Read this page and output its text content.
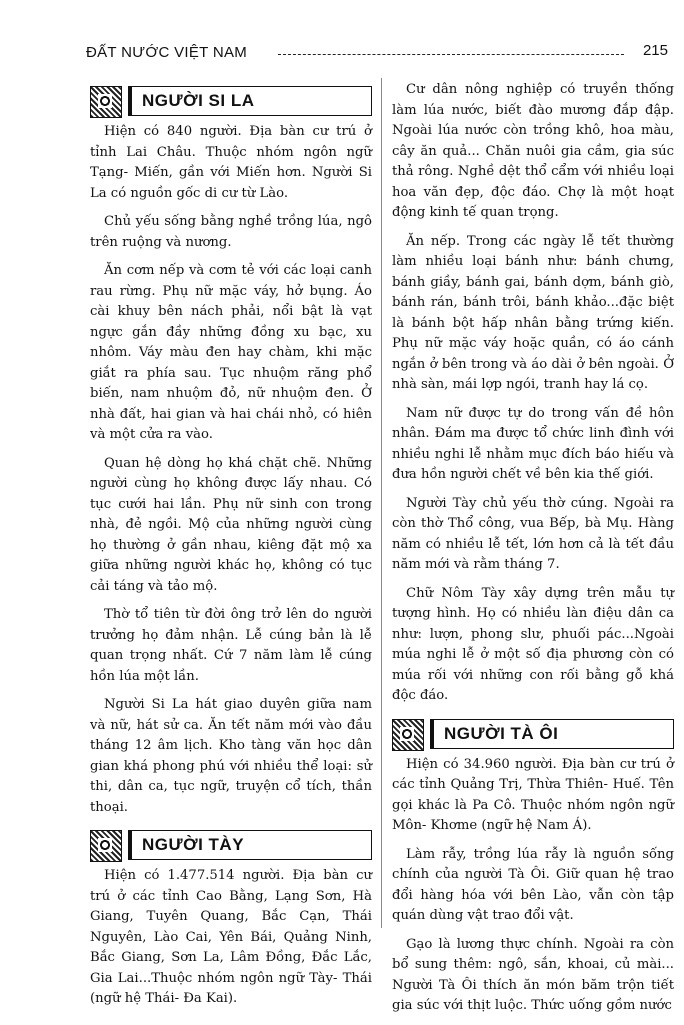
ĐẤT NƯỚC VIỆT NAM	215
NGƯỜI SI LA

Hiện có 840 người. Địa bàn cư trú ở tỉnh Lai Châu. Thuộc nhóm ngôn ngữ Tạng- Miến, gần với Miến hơn. Người Si La có nguồn gốc di cư từ Lào.

Chủ yếu sống bằng nghề trồng lúa, ngô trên ruộng và nương.

Ăn cơm nếp và cơm tẻ với các loại canh rau rừng. Phụ nữ mặc váy, hở bụng. Áo cài khuy bên nách phải, nổi bật là vạt ngực gắn đầy những đồng xu bạc, xu nhôm. Váy màu đen hay chàm, khi mặc giắt ra phía sau. Tục nhuộm răng phổ biến, nam nhuộm đỏ, nữ nhuộm đen. Ở nhà đất, hai gian và hai chái nhỏ, có hiên và một cửa ra vào.

Quan hệ dòng họ khá chặt chẽ. Những người cùng họ không được lấy nhau. Có tục cưới hai lần. Phụ nữ sinh con trong nhà, đẻ ngồi. Mộ của những người cùng họ thường ở gần nhau, kiêng đặt mộ xa giữa những người khác họ, không có tục cải táng và tảo mộ.

Thờ tổ tiên từ đời ông trở lên do người trưởng họ đảm nhận. Lễ cúng bản là lễ quan trọng nhất. Cứ 7 năm làm lễ cúng hồn lúa một lần.

Người Si La hát giao duyên giữa nam và nữ, hát sử ca. Ăn tết năm mới vào đầu tháng 12 âm lịch. Kho tàng văn học dân gian khá phong phú với nhiều thể loại: sử thi, dân ca, tục ngữ, truyện cổ tích, thần thoại.

NGƯỜI TÀY

Hiện có 1.477.514 người. Địa bàn cư trú ở các tỉnh Cao Bằng, Lạng Sơn, Hà Giang, Tuyên Quang, Bắc Cạn, Thái Nguyên, Lào Cai, Yên Bái, Quảng Ninh, Bắc Giang, Sơn La, Lâm Đồng, Đắc Lắc, Gia Lai...Thuộc nhóm ngôn ngữ Tày- Thái (ngữ hệ Thái- Đa Kai).

Cư dân nông nghiệp có truyền thống làm lúa nước, biết đào mương đắp đập. Ngoài lúa nước còn trồng khô, hoa màu, cây ăn quả... Chăn nuôi gia cầm, gia súc thả rông. Nghề dệt thổ cẩm với nhiều loại hoa văn đẹp, độc đáo. Chợ là một hoạt động kinh tế quan trọng.

Ăn nếp. Trong các ngày lễ tết thường làm nhiều loại bánh như: bánh chưng, bánh giầy, bánh gai, bánh dợm, bánh giò, bánh rán, bánh trôi, bánh khảo...đặc biệt là bánh bột hấp nhân bằng trứng kiến. Phụ nữ mặc váy hoặc quần, có áo cánh ngắn ở bên trong và áo dài ở bên ngoài. Ở nhà sàn, mái lợp ngói, tranh hay lá cọ.

Nam nữ được tự do trong vấn đề hôn nhân. Đám ma được tổ chức linh đình với nhiều nghi lễ nhằm mục đích báo hiếu và đưa hồn người chết về bên kia thế giới.

Người Tày chủ yếu thờ cúng. Ngoài ra còn thờ Thổ công, vua Bếp, bà Mụ. Hàng năm có nhiều lễ tết, lớn hơn cả là tết đầu năm mới và rằm tháng 7.

Chữ Nôm Tày xây dựng trên mẫu tự tượng hình. Họ có nhiều làn điệu dân ca như: lượn, phong slư, phuối pác...Ngoài múa nghi lễ ở một số địa phương còn có múa rối với những con rối bằng gỗ khá độc đáo.

NGƯỜI TÀ ÔI

Hiện có 34.960 người. Địa bàn cư trú ở các tỉnh Quảng Trị, Thừa Thiên- Huế. Tên gọi khác là Pa Cô. Thuộc nhóm ngôn ngữ Môn- Khơme (ngữ hệ Nam Á).

Làm rẫy, trồng lúa rẫy là nguồn sống chính của người Tà Ôi. Giữ quan hệ trao đổi hàng hóa với bên Lào, vẫn còn tập quán dùng vật trao đổi vật.

Gạo là lương thực chính. Ngoài ra còn bổ sung thêm: ngô, sắn, khoai, củ mài... Người Tà Ôi thích ăn món băm trộn tiết gia súc với thịt luộc. Thức uống gồm nước
